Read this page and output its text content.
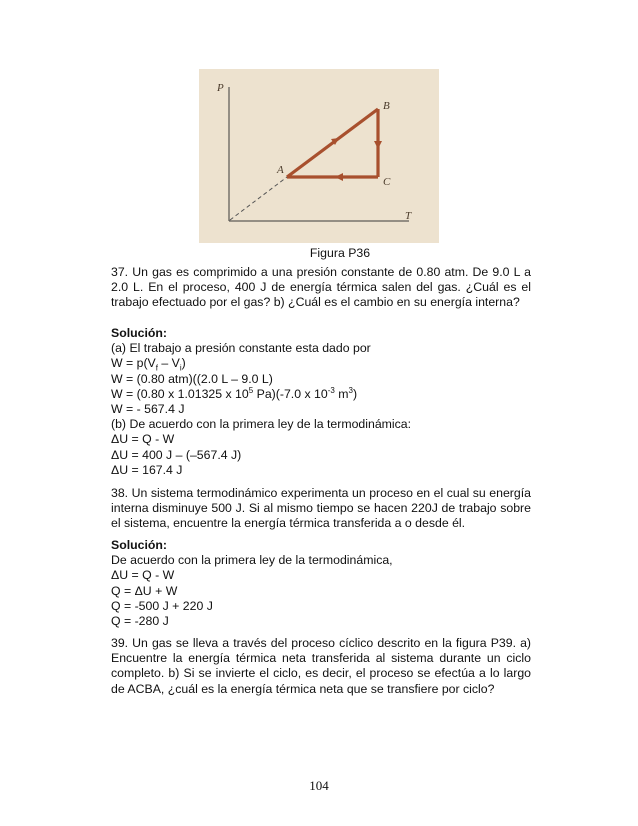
P
T
A
B
C
Figura P36
37. Un gas es comprimido a una presión constante de 0.80 atm. De 9.0 L a 2.0 L. En el proceso, 400 J de energía térmica salen del gas. ¿Cuál es el trabajo efectuado por el gas? b) ¿Cuál es el cambio en su energía interna?
Solución:
(a) El trabajo a presión constante esta dado por
$W = p(V_f - V_i)$
W = (0.80 atm)((2.0 L – 9.0 L)
W = (0.80 x 1.01325 x $10^5$ Pa)(-7.0 x $10^{-3}$ $m^3$)
W = - 567.4 J
(b) De acuerdo con la primera ley de la termodinámica:
ΔU = Q - W
ΔU = 400 J – (–567.4 J)
ΔU = 167.4 J
38. Un sistema termodinámico experimenta un proceso en el cual su energía interna disminuye 500 J. Si al mismo tiempo se hacen 220J de trabajo sobre el sistema, encuentre la energía térmica transferida a o desde él.
Solución:
De acuerdo con la primera ley de la termodinámica,
ΔU = Q - W
Q = ΔU + W
Q = -500 J + 220 J
Q = -280 J
39. Un gas se lleva a través del proceso cíclico descrito en la figura P39. a) Encuentre la energía térmica neta transferida al sistema durante un ciclo completo. b) Si se invierte el ciclo, es decir, el proceso se efectúa a lo largo de ACBA, ¿cuál es la energía térmica neta que se transfiere por ciclo?
104
